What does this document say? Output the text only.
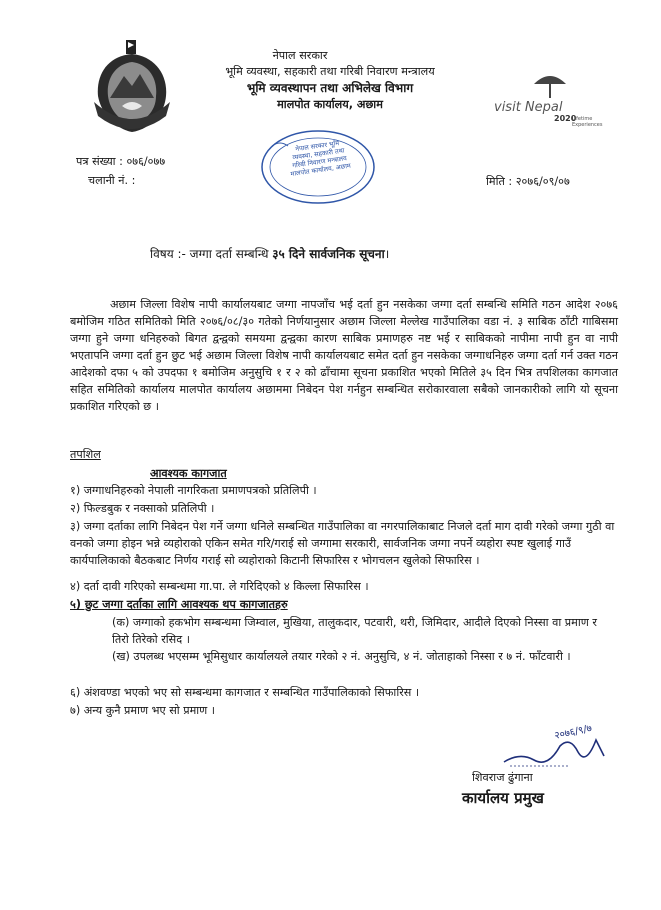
visit Nepal
2020
Lifetime Experiences
नेपाल सरकार
भूमि व्यवस्था, सहकारी तथा गरिबी निवारण मन्त्रालय
भूमि व्यवस्थापन तथा अभिलेख विभाग
मालपोत कार्यालय, अछाम
नेपाल सरकार भूमि व्यवस्था, सहकारी तथा गरिबी निवारण मन्त्रालय मालपोत कार्यालय, अछाम
पत्र संख्या : ०७६/०७७
चलानी नं. :	मिति : २०७६/०९/०७
विषय :- जग्गा दर्ता सम्बन्धि ३५ दिने सार्वजनिक सूचना।
अछाम जिल्ला विशेष नापी कार्यालयबाट जग्गा नापजाँच भई दर्ता हुन नसकेका जग्गा दर्ता सम्बन्धि समिति गठन आदेश २०७६ बमोजिम गठित समितिको मिति २०७६/०८/३० गतेको निर्णयानुसार अछाम जिल्ला मेल्लेख गाउँपालिका वडा नं. ३ साबिक ठाँटी गाबिसमा जग्गा हुने जग्गा धनिहरुको बिगत द्वन्द्वको समयमा द्वन्द्वका कारण साबिक प्रमाणहरु नष्ट भई र साबिकको नापीमा नापी हुन वा नापी भएतापनि जग्गा दर्ता हुन छुट भई अछाम जिल्ला विशेष नापी कार्यालयबाट समेत दर्ता हुन नसकेका जग्गाधनिहरु जग्गा दर्ता गर्न उक्त गठन आदेशको दफा ५ को उपदफा १ बमोजिम अनुसुचि १ र २ को ढाँचामा सूचना प्रकाशित भएको मितिले ३५ दिन भित्र तपशिलका कागजात सहित समितिको कार्यालय मालपोत कार्यालय अछाममा निबेदन पेश गर्नहुन सम्बन्धित सरोकारवाला सबैको जानकारीको लागि यो सूचना प्रकाशित गरिएको छ ।
तपशिल
आवश्यक कागजात
१) जग्गाधनिहरुको नेपाली नागरिकता प्रमाणपत्रको प्रतिलिपी ।
२) फिल्डबुक र नक्साको प्रतिलिपी ।
३) जग्गा दर्ताका लागि निबेदन पेश गर्ने जग्गा धनिले सम्बन्धित गाउँपालिका वा नगरपालिकाबाट निजले दर्ता माग दावी गरेको जग्गा गुठी वा वनको जग्गा होइन भन्ने व्यहोराको एकिन समेत गरि/गराई सो जग्गामा सरकारी, सार्वजनिक जग्गा नपर्ने व्यहोरा स्पष्ट खुलाई गाउँ कार्यपालिकाको बैठकबाट निर्णय गराई सो व्यहोराको किटानी सिफारिस र भोगचलन खुलेको सिफारिस ।
४) दर्ता दावी गरिएको सम्बन्धमा गा.पा. ले गरिदिएको ४ किल्ला सिफारिस ।
५) छुट जग्गा दर्ताका लागि आवश्यक थप कागजातहरु
(क) जग्गाको हकभोग सम्बन्धमा जिम्वाल, मुखिया, तालुकदार, पटवारी, थरी, जिमिदार, आदीले दिएको निस्सा वा प्रमाण र तिरो तिरेको रसिद ।
(ख) उपलब्ध भएसम्म भूमिसुधार कार्यालयले तयार गरेको २ नं. अनुसुचि, ४ नं. जोताहाको निस्सा र ७ नं. फाँटवारी ।
६) अंशवण्डा भएको भए सो सम्बन्धमा कागजात र सम्बन्धित गाउँपालिकाको सिफारिस ।
७) अन्य कुनै प्रमाण भए सो प्रमाण ।
२०७६/९/७
शिवराज ढुंगाना
कार्यालय प्रमुख
